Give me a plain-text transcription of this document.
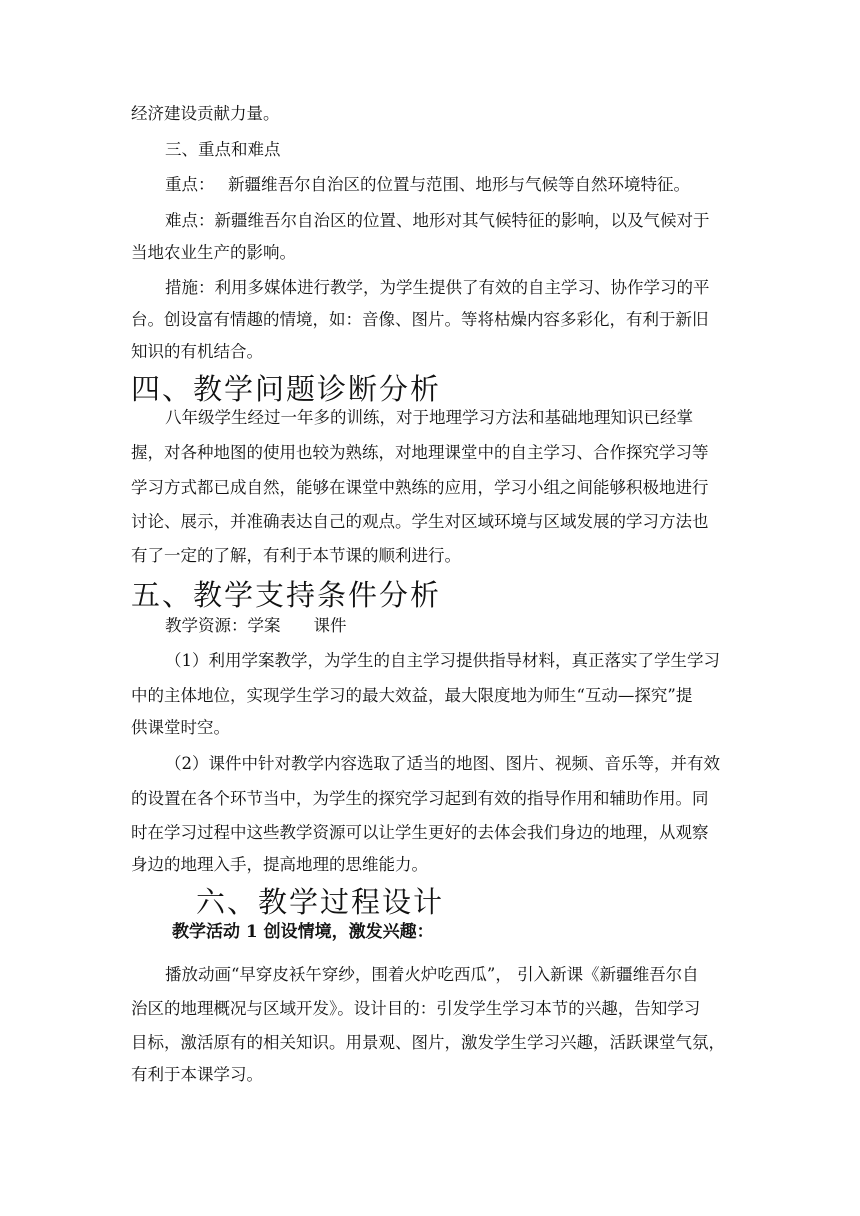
经济建设贡献力量。
三、重点和难点
重点：　 新疆维吾尔自治区的位置与范围、地形与气候等自然环境特征。
难点：新疆维吾尔自治区的位置、地形对其气候特征的影响，以及气候对于
当地农业生产的影响。
措施：利用多媒体进行教学，为学生提供了有效的自主学习、协作学习的平
台。创设富有情趣的情境，如：音像、图片。等将枯燥内容多彩化，有利于新旧
知识的有机结合。
四、教学问题诊断分析
八年级学生经过一年多的训练，对于地理学习方法和基础地理知识已经掌
握，对各种地图的使用也较为熟练，对地理课堂中的自主学习、合作探究学习等
学习方式都已成自然，能够在课堂中熟练的应用，学习小组之间能够积极地进行
讨论、展示，并准确表达自己的观点。学生对区域环境与区域发展的学习方法也
有了一定的了解，有利于本节课的顺利进行。
五、教学支持条件分析
教学资源：学案　　课件
（1）利用学案教学，为学生的自主学习提供指导材料，真正落实了学生学习
中的主体地位，实现学生学习的最大效益，最大限度地为师生“互动—探究”提
供课堂时空。
（2）课件中针对教学内容选取了适当的地图、图片、视频、音乐等，并有效
的设置在各个环节当中，为学生的探究学习起到有效的指导作用和辅助作用。同
时在学习过程中这些教学资源可以让学生更好的去体会我们身边的地理，从观察
身边的地理入手，提高地理的思维能力。
六、教学过程设计
教学活动 1 创设情境，激发兴趣：
播放动画“早穿皮袄午穿纱，围着火炉吃西瓜”， 引入新课《新疆维吾尔自
治区的地理概况与区域开发》。设计目的：引发学生学习本节的兴趣，告知学习
目标，激活原有的相关知识。用景观、图片，激发学生学习兴趣，活跃课堂气氛，
有利于本课学习。
